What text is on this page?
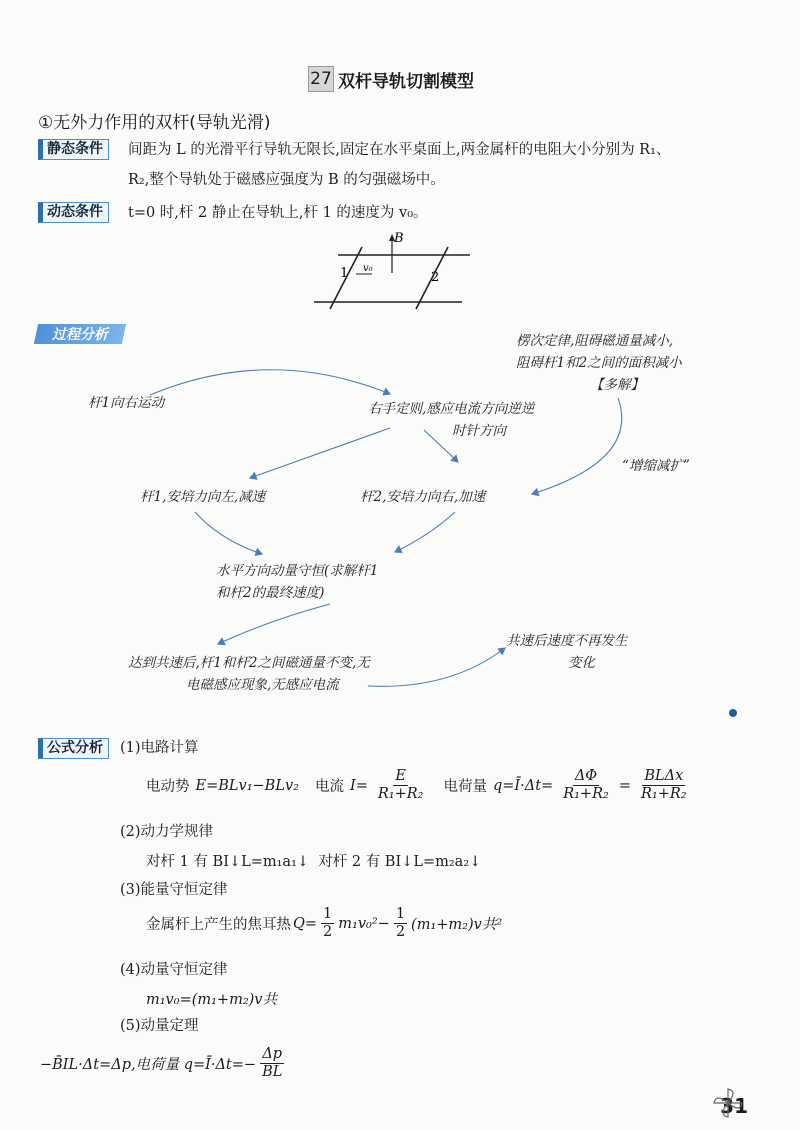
27 双杆导轨切割模型
①无外力作用的双杆(导轨光滑)
静态条件	间距为 L 的光滑平行导轨无限长,固定在水平桌面上,两金属杆的电阻大小分别为 R₁、
R₂,整个导轨处于磁感应强度为 B 的匀强磁场中。
动态条件	t=0 时,杆 2 静止在导轨上,杆 1 的速度为 v₀。
B
v₀
1	2
过程分析
杆1向右运动	右手定则,感应电流方向逆逆
时针方向
楞次定律,阻碍磁通量减小,
阻碍杆1和2之间的面积减小
【多解】
“增缩减扩”
杆1,安培力向左,减速	杆2,安培力向右,加速
水平方向动量守恒(求解杆1
和杆2的最终速度)
共速后速度不再发生
变化
达到共速后,杆1和杆2之间磁通量不变,无
电磁感应现象,无感应电流
公式分析	(1)电路计算
电动势 E=BLv₁−BLv₂ 电流 $I= \frac{E}{\text{R₁+R₂}}$ 电荷量 q=Ī·Δt= $\frac{\Delta\Phi}{\text{R₁+R₂}} = \frac{\text{BLΔx}}{\text{R₁+R₂}}$
(2)动力学规律
对杆 1 有 BI↓L=m₁a₁↓  对杆 2 有 BI↓L=m₂a₂↓
(3)能量守恒定律
金属杆上产生的焦耳热 $Q= \frac{1}{2} m_1v_0^2- \frac{1}{2} (m_1+m_2)v$共²
(4)动量守恒定律
m₁v₀=(m₁+m₂)v共
(5)动量定理
−B̄IL·Δt=Δp,电荷量 q=Ī·Δt=− $\frac{\Delta p}{BL}$
31
